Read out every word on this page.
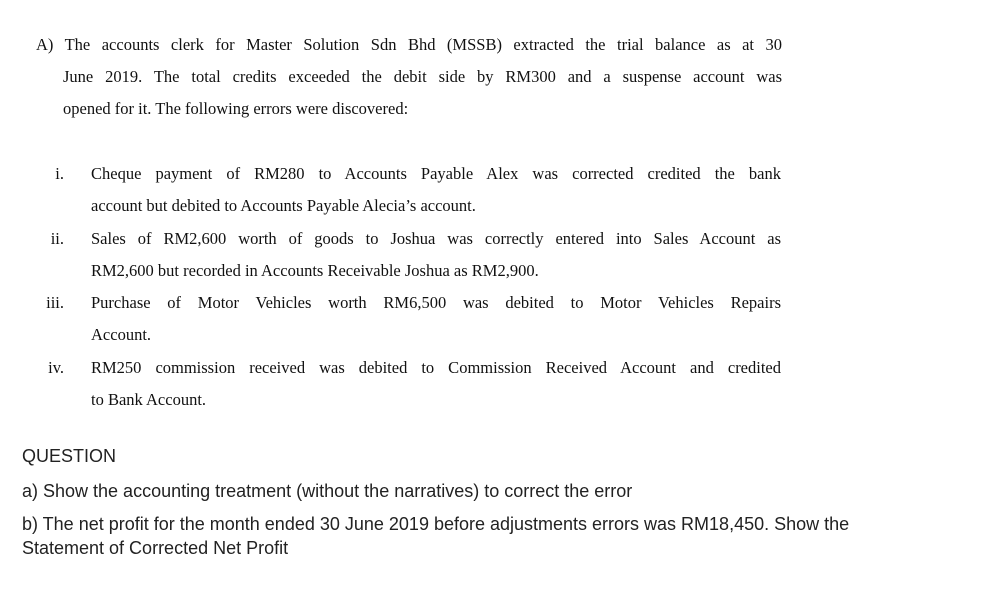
A) The accounts clerk for Master Solution Sdn Bhd (MSSB) extracted the trial balance as at 30
June 2019. The total credits exceeded the debit side by RM300 and a suspense account was
opened for it. The following errors were discovered:
i. Cheque payment of RM280 to Accounts Payable Alex was corrected credited the bank
account but debited to Accounts Payable Alecia’s account.
ii. Sales of RM2,600 worth of goods to Joshua was correctly entered into Sales Account as
RM2,600 but recorded in Accounts Receivable Joshua as RM2,900.
iii. Purchase of Motor Vehicles worth RM6,500 was debited to Motor Vehicles Repairs
Account.
iv. RM250 commission received was debited to Commission Received Account and credited
to Bank Account.
QUESTION
a) Show the accounting treatment (without the narratives) to correct the error
b) The net profit for the month ended 30 June 2019 before adjustments errors was RM18,450. Show the
Statement of Corrected Net Profit
